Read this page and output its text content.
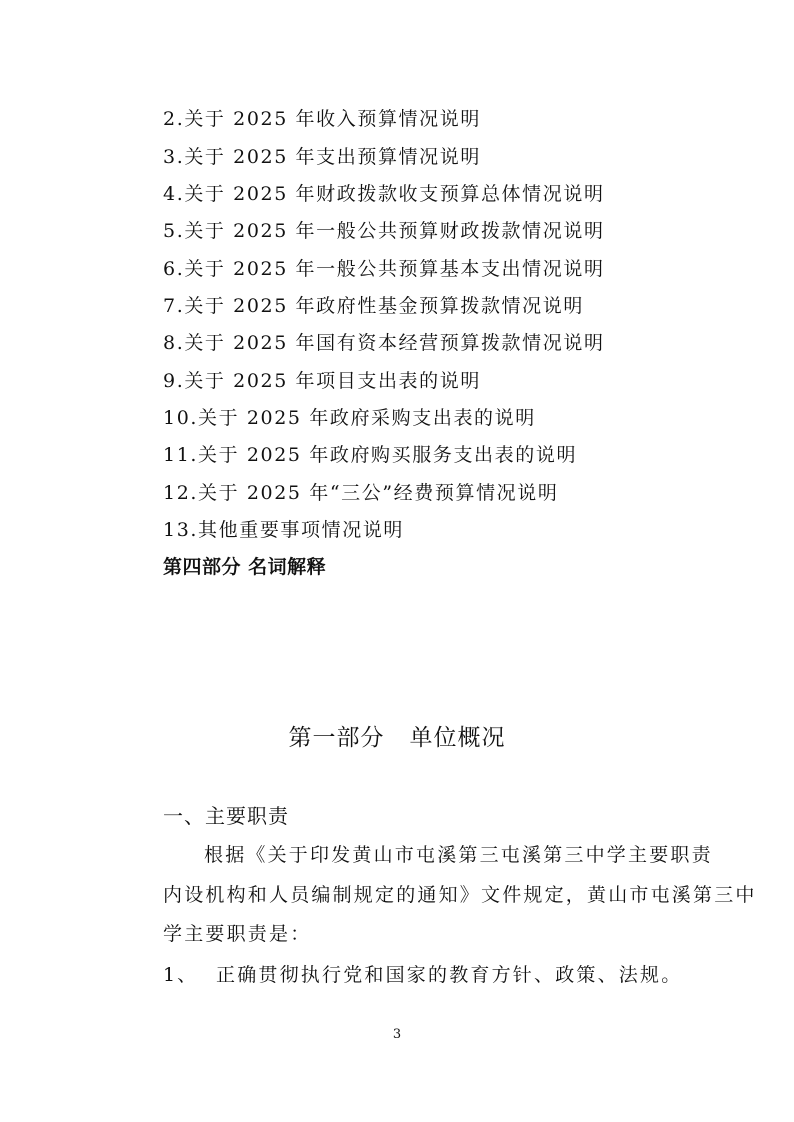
2.关于 2025 年收入预算情况说明
3.关于 2025 年支出预算情况说明
4.关于 2025 年财政拨款收支预算总体情况说明
5.关于 2025 年一般公共预算财政拨款情况说明
6.关于 2025 年一般公共预算基本支出情况说明
7.关于 2025 年政府性基金预算拨款情况说明
8.关于 2025 年国有资本经营预算拨款情况说明
9.关于 2025 年项目支出表的说明
10.关于 2025 年政府采购支出表的说明
11.关于 2025 年政府购买服务支出表的说明
12.关于 2025 年“三公”经费预算情况说明
13.其他重要事项情况说明
第四部分 名词解释
第一部分   单位概况
一、主要职责
根据《关于印发黄山市屯溪第三屯溪第三中学主要职责
内设机构和人员编制规定的通知》文件规定，黄山市屯溪第三中
学主要职责是：
1、 正确贯彻执行党和国家的教育方针、政策、法规。
3
